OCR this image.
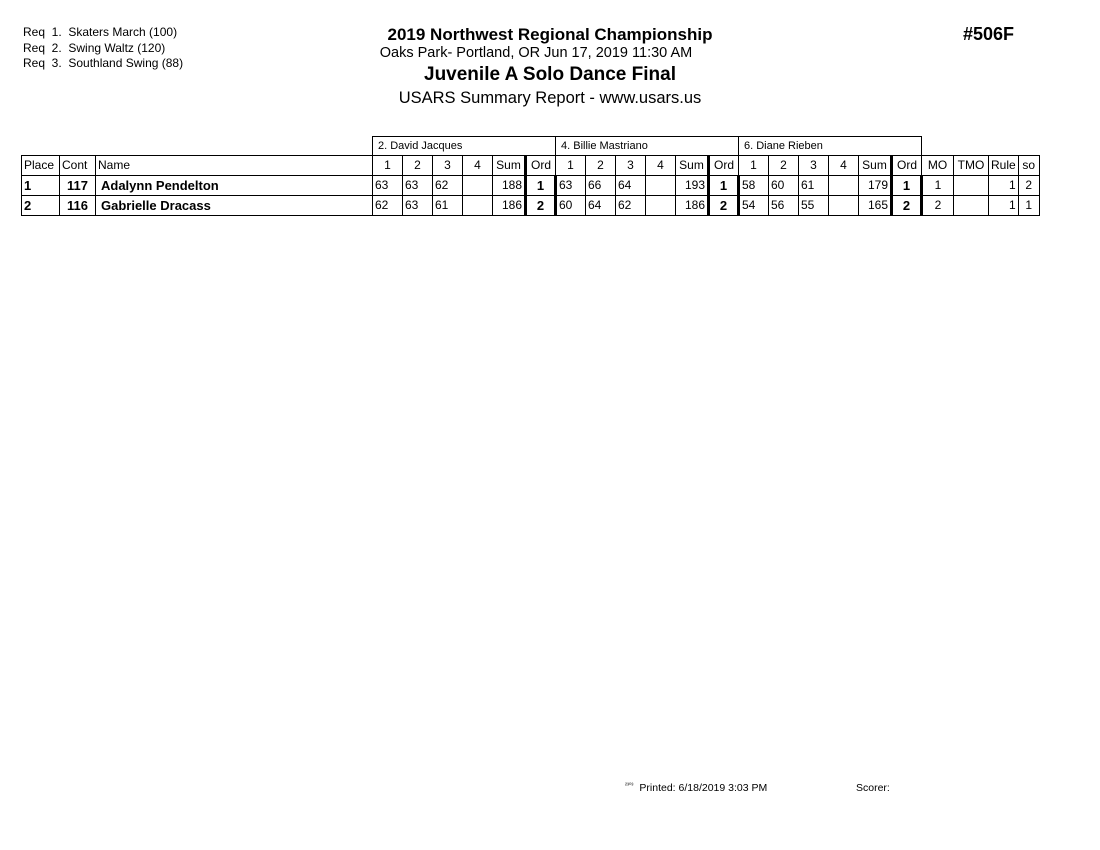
Req  1.  Skaters March (100)
Req  2.  Swing Waltz (120)
Req  3.  Southland Swing (88)
2019 Northwest Regional Championship
Oaks Park- Portland, OR Jun 17, 2019 11:30 AM
Juvenile A Solo Dance Final
USARS Summary Report - www.usars.us
#506F
			2. David Jacques						4. Billie Mastriano						6. Diane Rieben									
Place	Cont	Name	1	2	3	4	Sum	Ord	1	2	3	4	Sum	Ord	1	2	3	4	Sum	Ord	MO	TMO	Rule	so
1	117	Adalynn Pendelton	63	63	62		188	1	63	66	64		193	1	58	60	61		179	1	1		1	2
2	116	Gabrielle Dracass	62	63	61		186	2	60	64	62		186	2	54	56	55		165	2	2		1	1
$^{^{2303}}$ Printed: 6/18/2019 3:03 PM	Scorer:
